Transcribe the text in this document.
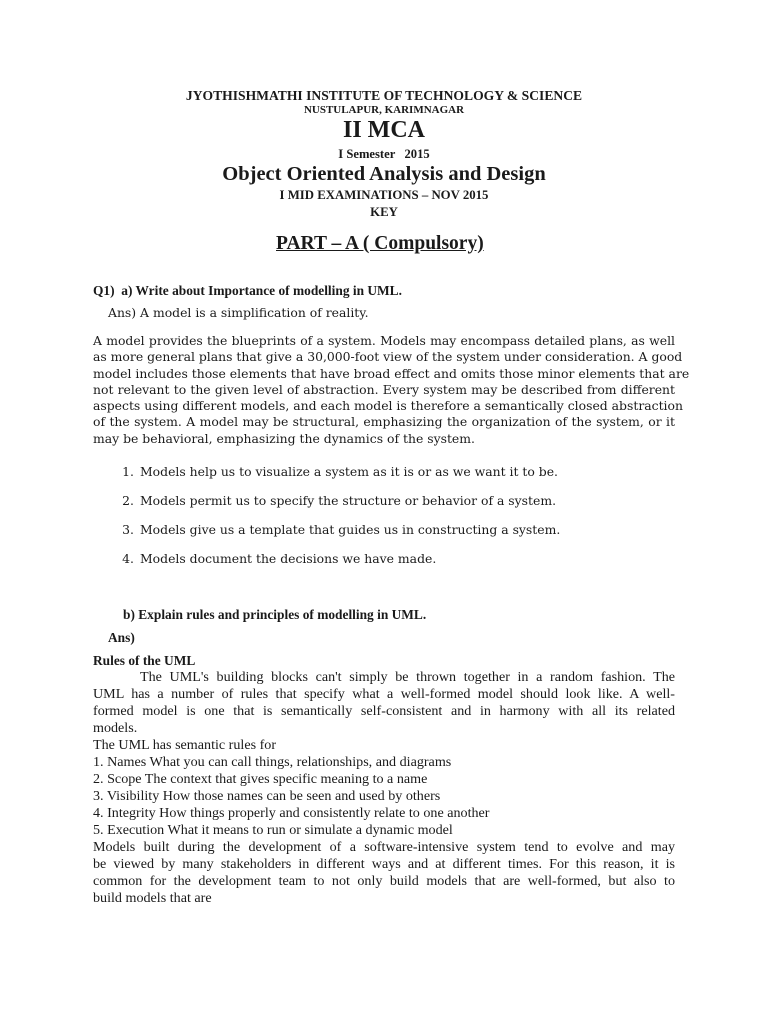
JYOTHISHMATHI INSTITUTE OF TECHNOLOGY & SCIENCE
NUSTULAPUR, KARIMNAGAR
II MCA
I Semester   2015
Object Oriented Analysis and Design
I MID EXAMINATIONS – NOV 2015
KEY
PART – A ( Compulsory)
Q1)  a) Write about Importance of modelling in UML.
Ans) A model is a simplification of reality.
A model provides the blueprints of a system. Models may encompass detailed plans, as well
as more general plans that give a 30,000-foot view of the system under consideration. A good
model includes those elements that have broad effect and omits those minor elements that are
not relevant to the given level of abstraction. Every system may be described from different
aspects using different models, and each model is therefore a semantically closed abstraction
of the system. A model may be structural, emphasizing the organization of the system, or it
may be behavioral, emphasizing the dynamics of the system.
1. Models help us to visualize a system as it is or as we want it to be.
2. Models permit us to specify the structure or behavior of a system.
3. Models give us a template that guides us in constructing a system.
4. Models document the decisions we have made.
b) Explain rules and principles of modelling in UML.
Ans)
Rules of the UML
The UML's building blocks can't simply be thrown together in a random fashion. The
UML has a number of rules that specify what a well-formed model should look like. A well-
formed model is one that is semantically self-consistent and in harmony with all its related
models.
The UML has semantic rules for
1. Names What you can call things, relationships, and diagrams
2. Scope The context that gives specific meaning to a name
3. Visibility How those names can be seen and used by others
4. Integrity How things properly and consistently relate to one another
5. Execution What it means to run or simulate a dynamic model
Models built during the development of a software-intensive system tend to evolve and may
be viewed by many stakeholders in different ways and at different times. For this reason, it is
common for the development team to not only build models that are well-formed, but also to
build models that are
